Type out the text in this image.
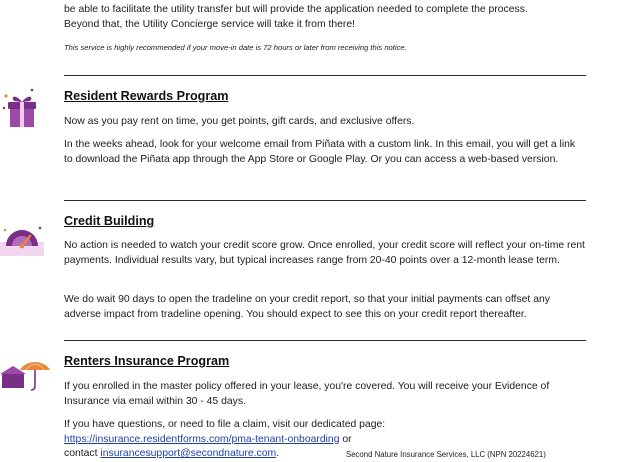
be able to facilitate the utility transfer but will provide the application needed to complete the process.

Beyond that, the Utility Concierge service will take it from there!

This service is highly recommended if your move-in date is 72 hours or later from receiving this notice.

Resident Rewards Program

Now as you pay rent on time, you get points, gift cards, and exclusive offers.

In the weeks ahead, look for your welcome email from Piñata with a custom link. In this email, you will get a link to download the Piñata app through the App Store or Google Play. Or you can access a web-based version.

Credit Building

No action is needed to watch your credit score grow. Once enrolled, your credit score will reflect your on-time rent payments. Individual results vary, but typical increases range from 20-40 points over a 12-month lease term.

We do wait 90 days to open the tradeline on your credit report, so that your initial payments can offset any adverse impact from tradeline opening. You should expect to see this on your credit report thereafter.

Renters Insurance Program

If you enrolled in the master policy offered in your lease, you're covered. You will receive your Evidence of Insurance via email within 30 - 45 days.

If you have questions, or need to file a claim, visit our dedicated page:
https://insurance.residentforms.com/pma-tenant-onboarding or
contact insurancesupport@secondnature.com.	Second Nature Insurance Services, LLC (NPN 20224621)
